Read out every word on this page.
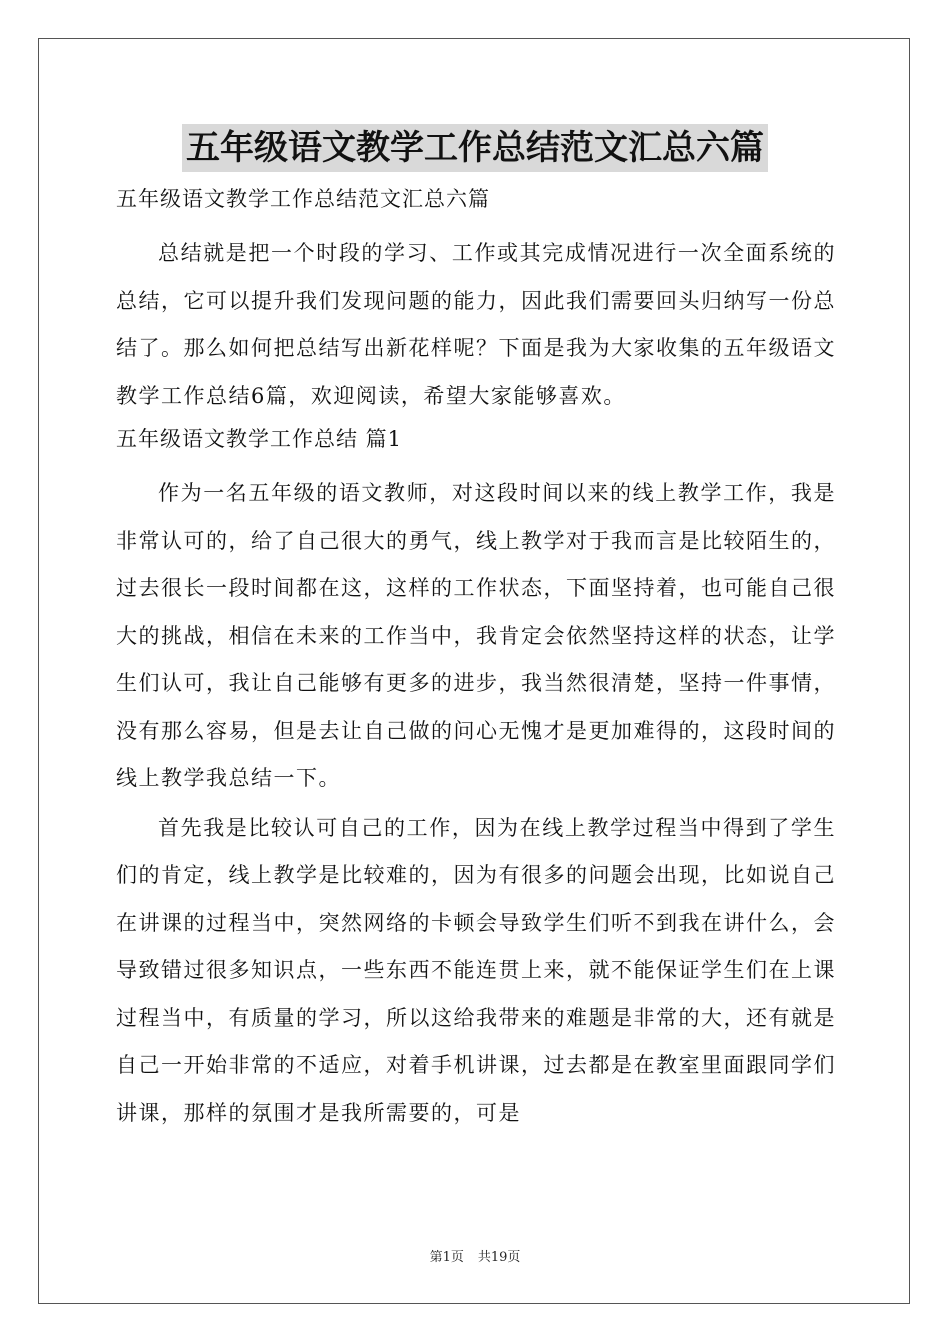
五年级语文教学工作总结范文汇总六篇

五年级语文教学工作总结范文汇总六篇

总结就是把一个时段的学习、工作或其完成情况进行一次全面系统的总结，它可以提升我们发现问题的能力，因此我们需要回头归纳写一份总结了。那么如何把总结写出新花样呢？下面是我为大家收集的五年级语文教学工作总结6篇，欢迎阅读，希望大家能够喜欢。

五年级语文教学工作总结 篇1

作为一名五年级的语文教师，对这段时间以来的线上教学工作，我是非常认可的，给了自己很大的勇气，线上教学对于我而言是比较陌生的，过去很长一段时间都在这，这样的工作状态，下面坚持着，也可能自己很大的挑战，相信在未来的工作当中，我肯定会依然坚持这样的状态，让学生们认可，我让自己能够有更多的进步，我当然很清楚，坚持一件事情，没有那么容易，但是去让自己做的问心无愧才是更加难得的，这段时间的线上教学我总结一下。

首先我是比较认可自己的工作，因为在线上教学过程当中得到了学生们的肯定，线上教学是比较难的，因为有很多的问题会出现，比如说自己在讲课的过程当中，突然网络的卡顿会导致学生们听不到我在讲什么，会导致错过很多知识点，一些东西不能连贯上来，就不能保证学生们在上课过程当中，有质量的学习，所以这给我带来的难题是非常的大，还有就是自己一开始非常的不适应，对着手机讲课，过去都是在教室里面跟同学们讲课，那样的氛围才是我所需要的，可是

第1页 共19页
